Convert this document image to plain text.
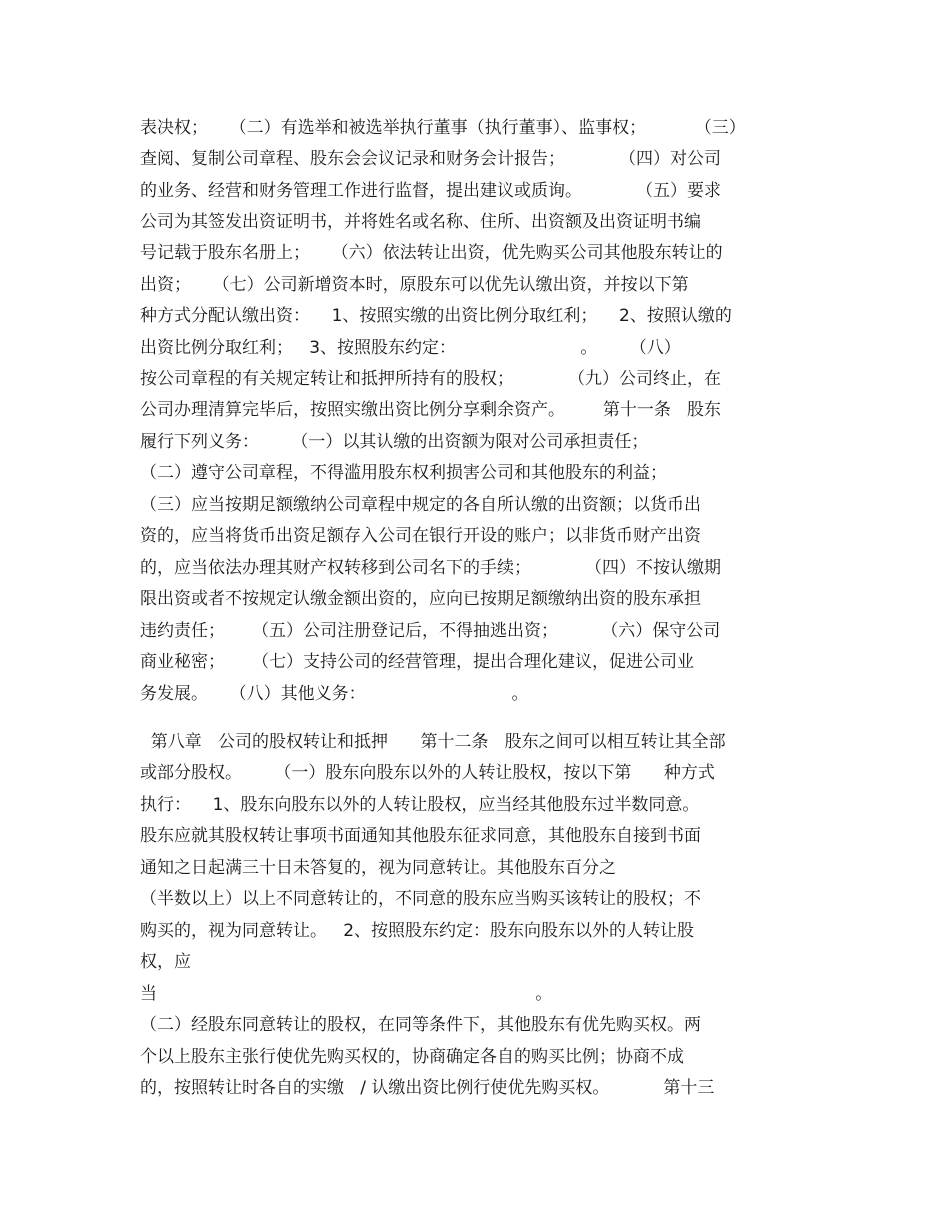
表决权；    （二）有选举和被选举执行董事（执行董事）、监事权；         （三）
查阅、复制公司章程、股东会会议记录和财务会计报告；          （四）对公司
的业务、经营和财务管理工作进行监督，提出建议或质询。          （五）要求
公司为其签发出资证明书，并将姓名或名称、住所、出资额及出资证明书编
号记载于股东名册上；    （六）依法转让出资，优先购买公司其他股东转让的
出资；    （七）公司新增资本时，原股东可以优先认缴出资，并按以下第
种方式分配认缴出资：    1、按照实缴的出资比例分取红利；    2、按照认缴的
出资比例分取红利；   3、按照股东约定：                       。      （八）
按公司章程的有关规定转让和抵押所持有的股权；          （九）公司终止，在
公司办理清算完毕后，按照实缴出资比例分享剩余资产。       第十一条   股东
履行下列义务：      （一）以其认缴的出资额为限对公司承担责任；
（二）遵守公司章程，不得滥用股东权利损害公司和其他股东的利益；
（三）应当按期足额缴纳公司章程中规定的各自所认缴的出资额；以货币出
资的，应当将货币出资足额存入公司在银行开设的账户；以非货币财产出资
的，应当依法办理其财产权转移到公司名下的手续；          （四）不按认缴期
限出资或者不按规定认缴金额出资的，应向已按期足额缴纳出资的股东承担
违约责任；     （五）公司注册登记后，不得抽逃出资；        （六）保守公司
商业秘密；     （七）支持公司的经营管理，提出合理化建议，促进公司业
务发展。    （八）其他义务：                           。
第八章   公司的股权转让和抵押      第十二条   股东之间可以相互转让其全部
或部分股权。      （一）股东向股东以外的人转让股权，按以下第      种方式
执行：    1、股东向股东以外的人转让股权，应当经其他股东过半数同意。
股东应就其股权转让事项书面通知其他股东征求同意，其他股东自接到书面
通知之日起满三十日未答复的，视为同意转让。其他股东百分之
（半数以上）以上不同意转让的，不同意的股东应当购买该转让的股权；不
购买的，视为同意转让。   2、按照股东约定：股东向股东以外的人转让股
权，应
当                                                                      。
（二）经股东同意转让的股权，在同等条件下，其他股东有优先购买权。两
个以上股东主张行使优先购买权的，协商确定各自的购买比例；协商不成
的，按照转让时各自的实缴   / 认缴出资比例行使优先购买权。          第十三
